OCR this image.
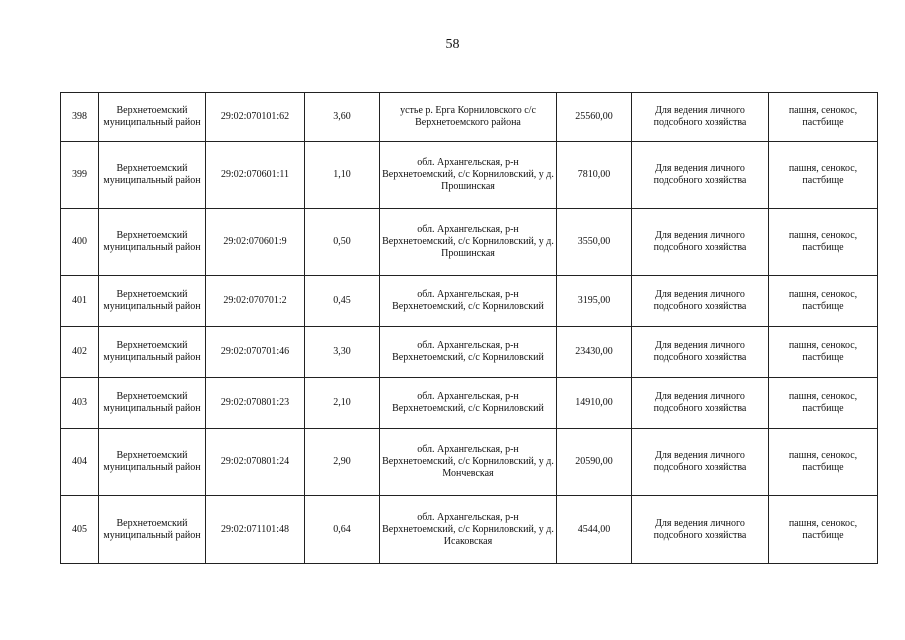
58
398	Верхнетоемский муниципальный район	29:02:070101:62	3,60	устье р. Ерга Корниловского с/с Верхнетоемского района	25560,00	Для ведения личного подсобного хозяйства	пашня, сенокос, пастбище
399	Верхнетоемский муниципальный район	29:02:070601:11	1,10	обл. Архангельская, р-н Верхнетоемский, с/с Корниловский, у д. Прошинская	7810,00	Для ведения личного подсобного хозяйства	пашня, сенокос, пастбище
400	Верхнетоемский муниципальный район	29:02:070601:9	0,50	обл. Архангельская, р-н Верхнетоемский, с/с Корниловский, у д. Прошинская	3550,00	Для ведения личного подсобного хозяйства	пашня, сенокос, пастбище
401	Верхнетоемский муниципальный район	29:02:070701:2	0,45	обл. Архангельская, р-н Верхнетоемский, с/с Корниловский	3195,00	Для ведения личного подсобного хозяйства	пашня, сенокос, пастбище
402	Верхнетоемский муниципальный район	29:02:070701:46	3,30	обл. Архангельская, р-н Верхнетоемский, с/с Корниловский	23430,00	Для ведения личного подсобного хозяйства	пашня, сенокос, пастбище
403	Верхнетоемский муниципальный район	29:02:070801:23	2,10	обл. Архангельская, р-н Верхнетоемский, с/с Корниловский	14910,00	Для ведения личного подсобного хозяйства	пашня, сенокос, пастбище
404	Верхнетоемский муниципальный район	29:02:070801:24	2,90	обл. Архангельская, р-н Верхнетоемский, с/с Корниловский, у д. Мончевская	20590,00	Для ведения личного подсобного хозяйства	пашня, сенокос, пастбище
405	Верхнетоемский муниципальный район	29:02:071101:48	0,64	обл. Архангельская, р-н Верхнетоемский, с/с Корниловский, у д. Исаковская	4544,00	Для ведения личного подсобного хозяйства	пашня, сенокос, пастбище
